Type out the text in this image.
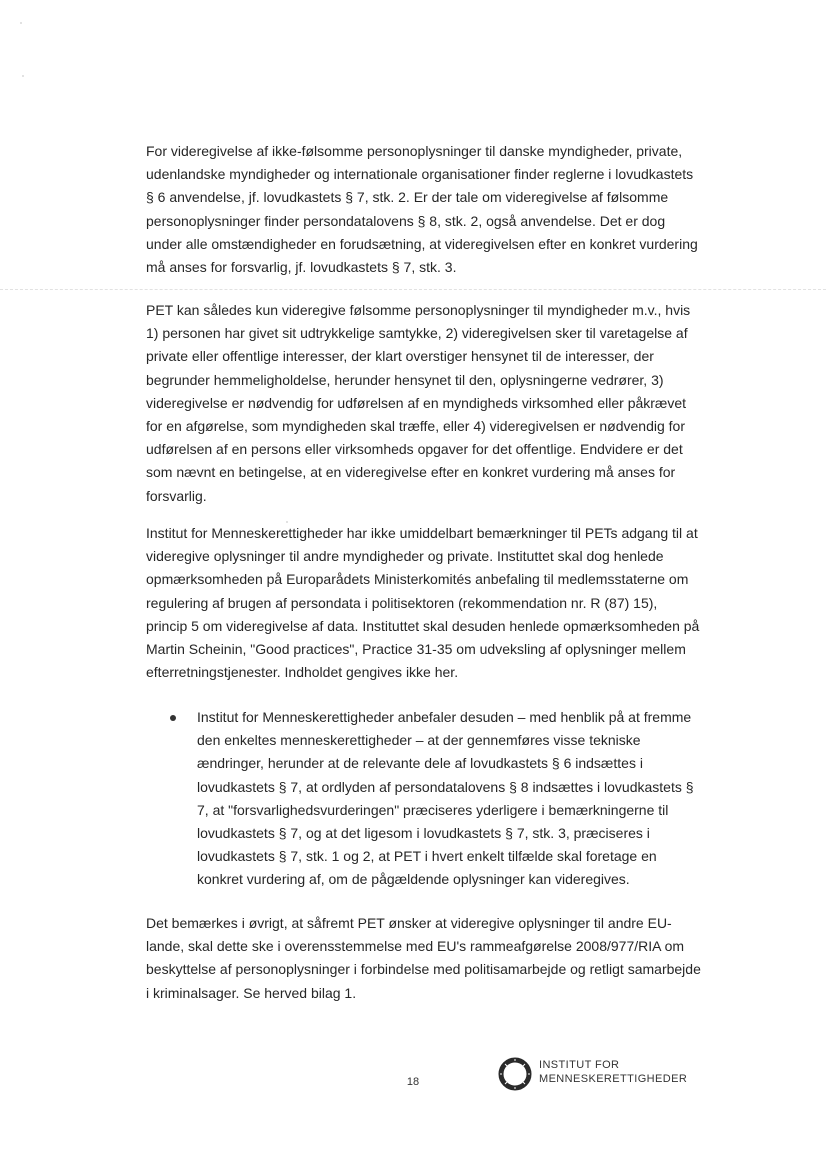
For videregivelse af ikke-følsomme personoplysninger til danske myndigheder, private,
udenlandske myndigheder og internationale organisationer finder reglerne i lovudkastets
§ 6 anvendelse, jf. lovudkastets § 7, stk. 2. Er der tale om videregivelse af følsomme
personoplysninger finder persondatalovens § 8, stk. 2, også anvendelse. Det er dog
under alle omstændigheder en forudsætning, at videregivelsen efter en konkret vurdering
må anses for forsvarlig, jf. lovudkastets § 7, stk. 3.
PET kan således kun videregive følsomme personoplysninger til myndigheder m.v., hvis
1) personen har givet sit udtrykkelige samtykke, 2) videregivelsen sker til varetagelse af
private eller offentlige interesser, der klart overstiger hensynet til de interesser, der
begrunder hemmeligholdelse, herunder hensynet til den, oplysningerne vedrører, 3)
videregivelse er nødvendig for udførelsen af en myndigheds virksomhed eller påkrævet
for en afgørelse, som myndigheden skal træffe, eller 4) videregivelsen er nødvendig for
udførelsen af en persons eller virksomheds opgaver for det offentlige. Endvidere er det
som nævnt en betingelse, at en videregivelse efter en konkret vurdering må anses for
forsvarlig.
Institut for Menneskerettigheder har ikke umiddelbart bemærkninger til PETs adgang til at
videregive oplysninger til andre myndigheder og private. Instituttet skal dog henlede
opmærksomheden på Europarådets Ministerkomités anbefaling til medlemsstaterne om
regulering af brugen af persondata i politisektoren (rekommendation nr. R (87) 15),
princip 5 om videregivelse af data. Instituttet skal desuden henlede opmærksomheden på
Martin Scheinin, "Good practices", Practice 31-35 om udveksling af oplysninger mellem
efterretningstjenester. Indholdet gengives ikke her.
Institut for Menneskerettigheder anbefaler desuden – med henblik på at fremme
den enkeltes menneskerettigheder – at der gennemføres visse tekniske
ændringer, herunder at de relevante dele af lovudkastets § 6 indsættes i
lovudkastets § 7, at ordlyden af persondatalovens § 8 indsættes i lovudkastets §
7, at "forsvarlighedsvurderingen" præciseres yderligere i bemærkningerne til
lovudkastets § 7, og at det ligesom i lovudkastets § 7, stk. 3, præciseres i
lovudkastets § 7, stk. 1 og 2, at PET i hvert enkelt tilfælde skal foretage en
konkret vurdering af, om de pågældende oplysninger kan videregives.
Det bemærkes i øvrigt, at såfremt PET ønsker at videregive oplysninger til andre EU-
lande, skal dette ske i overensstemmelse med EU's rammeafgørelse 2008/977/RIA om
beskyttelse af personoplysninger i forbindelse med politisamarbejde og retligt samarbejde
i kriminalsager. Se herved bilag 1.
18
INSTITUT FOR
MENNESKERETTIGHEDER
